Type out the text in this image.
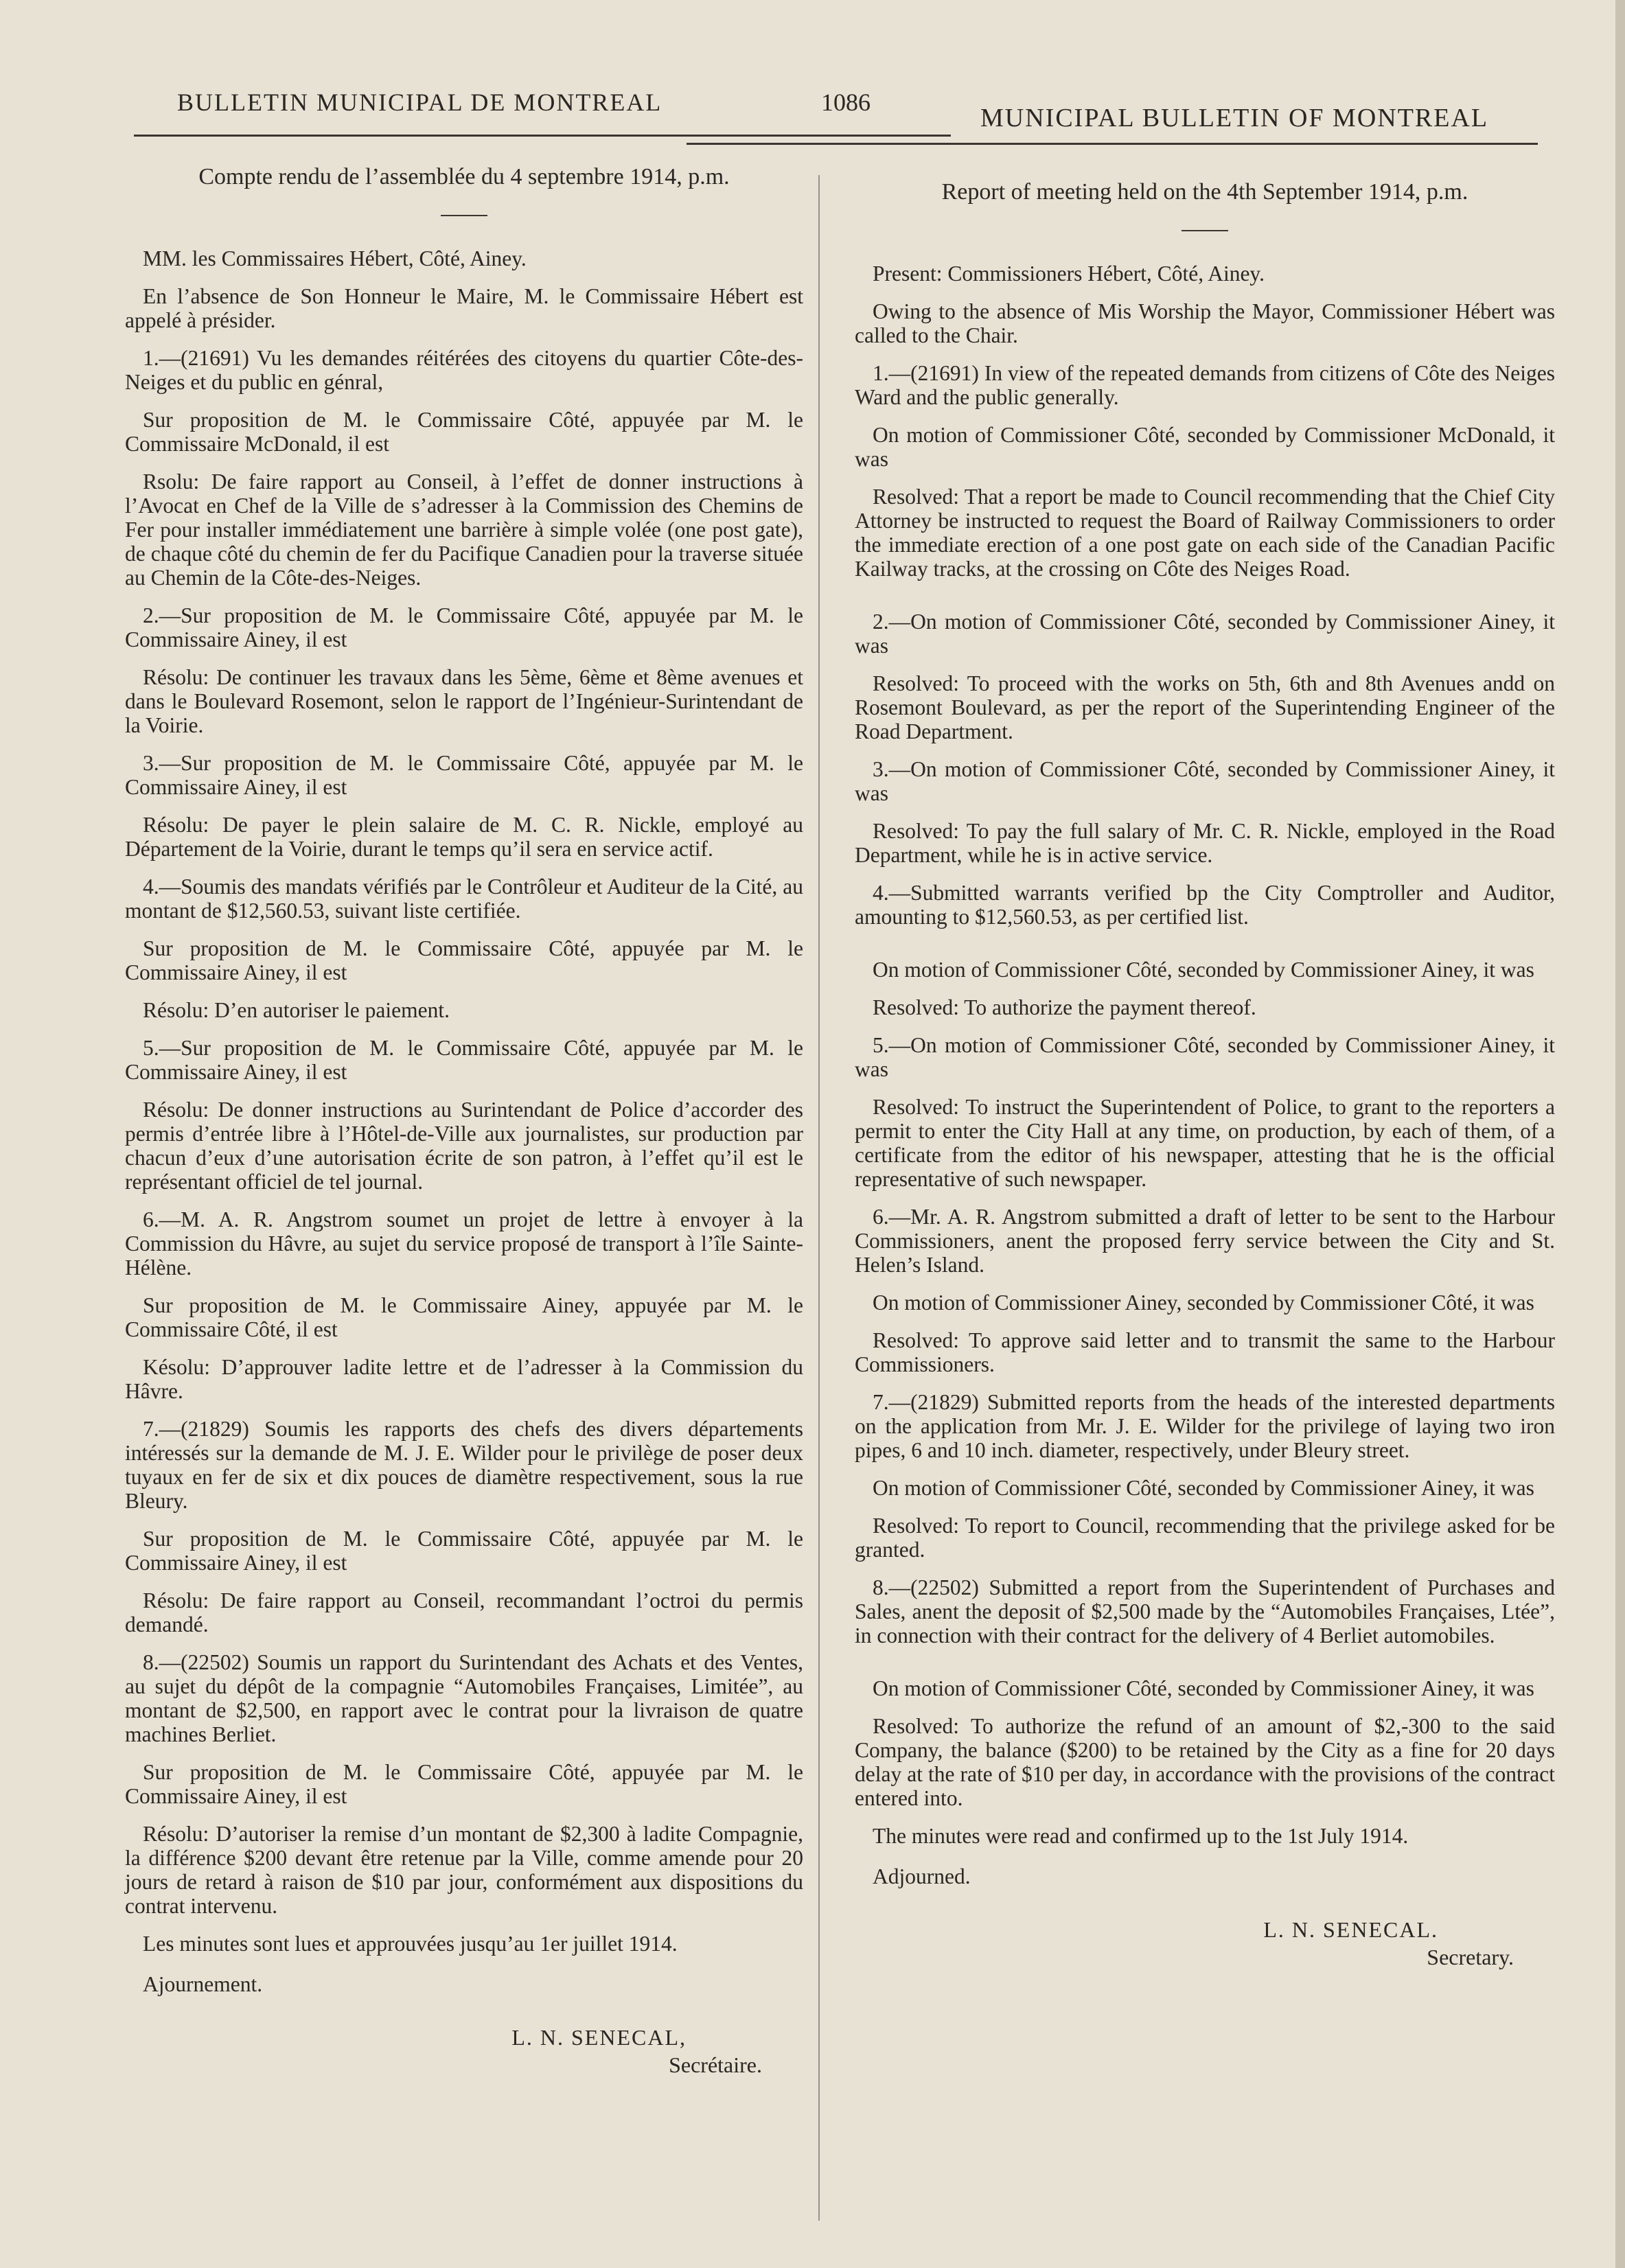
BULLETIN MUNICIPAL DE MONTREAL	1086
MUNICIPAL BULLETIN OF MONTREAL
Compte rendu de l’assemblée du 4 septembre 1914, p.m.

MM. les Commissaires Hébert, Côté, Ainey.

En l’absence de Son Honneur le Maire, M. le Commissaire Hébert est appelé à présider.

1.—(21691) Vu les demandes réitérées des citoyens du quartier Côte-des-Neiges et du public en génral,

Sur proposition de M. le Commissaire Côté, appuyée par M. le Commissaire McDonald, il est

Rsolu: De faire rapport au Conseil, à l’effet de donner instructions à l’Avocat en Chef de la Ville de s’adresser à la Commission des Chemins de Fer pour installer immédiatement une barrière à simple volée (one post gate), de chaque côté du chemin de fer du Pacifique Canadien pour la traverse située au Chemin de la Côte-des-Neiges.

2.—Sur proposition de M. le Commissaire Côté, appuyée par M. le Commissaire Ainey, il est

Résolu: De continuer les travaux dans les 5ème, 6ème et 8ème avenues et dans le Boulevard Rosemont, selon le rapport de l’Ingénieur-Surintendant de la Voirie.

3.—Sur proposition de M. le Commissaire Côté, appuyée par M. le Commissaire Ainey, il est

Résolu: De payer le plein salaire de M. C. R. Nickle, employé au Département de la Voirie, durant le temps qu’il sera en service actif.

4.—Soumis des mandats vérifiés par le Contrôleur et Auditeur de la Cité, au montant de $12,560.53, suivant liste certifiée.

Sur proposition de M. le Commissaire Côté, appuyée par M. le Commissaire Ainey, il est

Résolu: D’en autoriser le paiement.

5.—Sur proposition de M. le Commissaire Côté, appuyée par M. le Commissaire Ainey, il est

Résolu: De donner instructions au Surintendant de Police d’accorder des permis d’entrée libre à l’Hôtel-de-Ville aux journalistes, sur production par chacun d’eux d’une autorisation écrite de son patron, à l’effet qu’il est le représentant officiel de tel journal.

6.—M. A. R. Angstrom soumet un projet de lettre à envoyer à la Commission du Hâvre, au sujet du service proposé de transport à l’île Sainte-Hélène.

Sur proposition de M. le Commissaire Ainey, appuyée par M. le Commissaire Côté, il est

Késolu: D’approuver ladite lettre et de l’adresser à la Commission du Hâvre.

7.—(21829) Soumis les rapports des chefs des divers départements intéressés sur la demande de M. J. E. Wilder pour le privilège de poser deux tuyaux en fer de six et dix pouces de diamètre respectivement, sous la rue Bleury.

Sur proposition de M. le Commissaire Côté, appuyée par M. le Commissaire Ainey, il est

Résolu: De faire rapport au Conseil, recommandant l’octroi du permis demandé.

8.—(22502) Soumis un rapport du Surintendant des Achats et des Ventes, au sujet du dépôt de la compagnie “Automobiles Françaises, Limitée”, au montant de $2,500, en rapport avec le contrat pour la livraison de quatre machines Berliet.

Sur proposition de M. le Commissaire Côté, appuyée par M. le Commissaire Ainey, il est

Résolu: D’autoriser la remise d’un montant de $2,300 à ladite Compagnie, la différence $200 devant être retenue par la Ville, comme amende pour 20 jours de retard à raison de $10 par jour, conformément aux dispositions du contrat intervenu.

Les minutes sont lues et approuvées jusqu’au 1er juillet 1914.

Ajournement.

L. N. SENECAL,
Secrétaire.
Report of meeting held on the 4th September 1914, p.m.

Present: Commissioners Hébert, Côté, Ainey.

Owing to the absence of Mis Worship the Mayor, Commissioner Hébert was called to the Chair.

1.—(21691) In view of the repeated demands from citizens of Côte des Neiges Ward and the public generally.

On motion of Commissioner Côté, seconded by Commissioner McDonald, it was

Resolved: That a report be made to Council recommending that the Chief City Attorney be instructed to request the Board of Railway Commissioners to order the immediate erection of a one post gate on each side of the Canadian Pacific Kailway tracks, at the crossing on Côte des Neiges Road.

2.—On motion of Commissioner Côté, seconded by Commissioner Ainey, it was

Resolved: To proceed with the works on 5th, 6th and 8th Avenues andd on Rosemont Boulevard, as per the report of the Superintending Engineer of the Road Department.

3.—On motion of Commissioner Côté, seconded by Commissioner Ainey, it was

Resolved: To pay the full salary of Mr. C. R. Nickle, employed in the Road Department, while he is in active service.

4.—Submitted warrants verified bp the City Comptroller and Auditor, amounting to $12,560.53, as per certified list.

On motion of Commissioner Côté, seconded by Commissioner Ainey, it was

Resolved: To authorize the payment thereof.

5.—On motion of Commissioner Côté, seconded by Commissioner Ainey, it was

Resolved: To instruct the Superintendent of Police, to grant to the reporters a permit to enter the City Hall at any time, on production, by each of them, of a certificate from the editor of his newspaper, attesting that he is the official representative of such newspaper.

6.—Mr. A. R. Angstrom submitted a draft of letter to be sent to the Harbour Commissioners, anent the proposed ferry service between the City and St. Helen’s Island.

On motion of Commissioner Ainey, seconded by Commissioner Côté, it was

Resolved: To approve said letter and to transmit the same to the Harbour Commissioners.

7.—(21829) Submitted reports from the heads of the interested departments on the application from Mr. J. E. Wilder for the privilege of laying two iron pipes, 6 and 10 inch. diameter, respectively, under Bleury street.

On motion of Commissioner Côté, seconded by Commissioner Ainey, it was

Resolved: To report to Council, recommending that the privilege asked for be granted.

8.—(22502) Submitted a report from the Superintendent of Purchases and Sales, anent the deposit of $2,500 made by the “Automobiles Françaises, Ltée”, in connection with their contract for the delivery of 4 Berliet automobiles.

On motion of Commissioner Côté, seconded by Commissioner Ainey, it was

Resolved: To authorize the refund of an amount of $2,-300 to the said Company, the balance ($200) to be retained by the City as a fine for 20 days delay at the rate of $10 per day, in accordance with the provisions of the contract entered into.

The minutes were read and confirmed up to the 1st July 1914.

Adjourned.

L. N. SENECAL.
Secretary.
